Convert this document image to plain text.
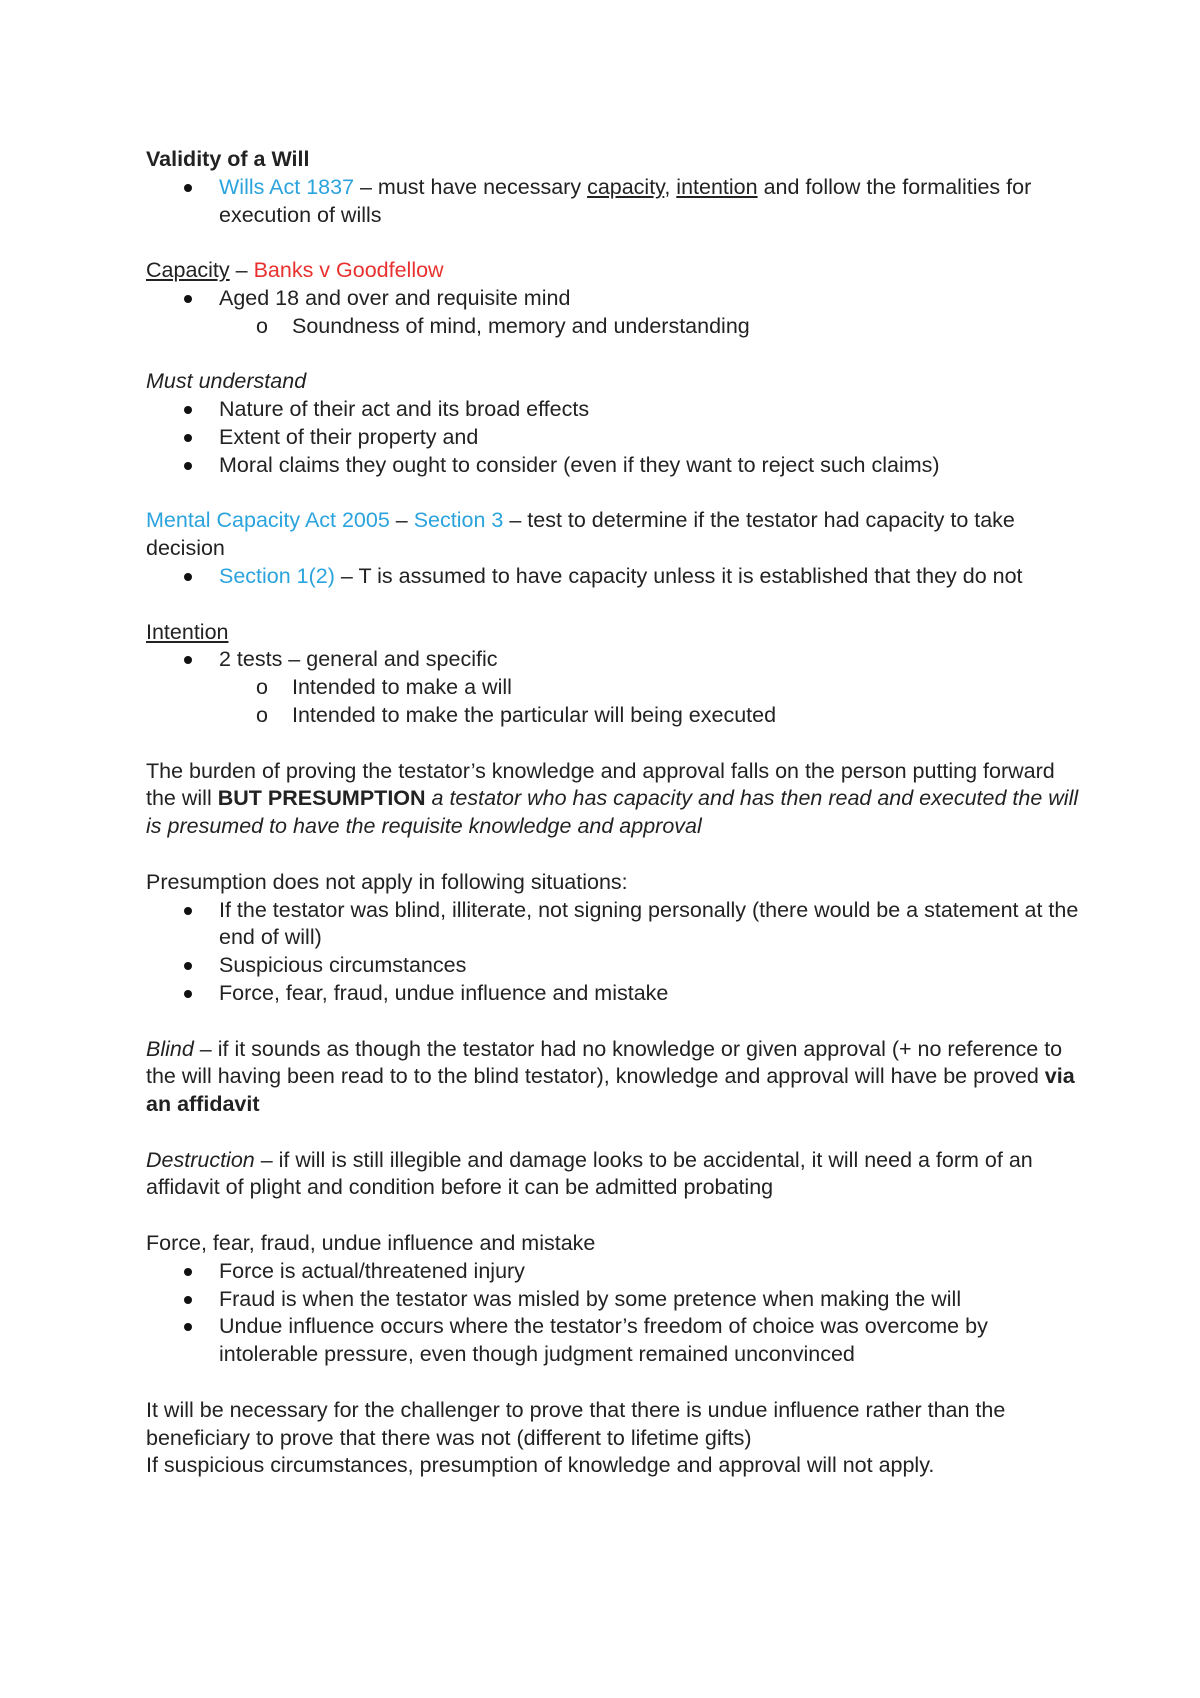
Validity of a Will

Wills Act 1837 – must have necessary capacity, intention and follow the formalities for execution of wills

Capacity – Banks v Goodfellow

Aged 18 and over and requisite mind
o Soundness of mind, memory and understanding

Must understand

Nature of their act and its broad effects
Extent of their property and
Moral claims they ought to consider (even if they want to reject such claims)

Mental Capacity Act 2005 – Section 3 – test to determine if the testator had capacity to take decision

Section 1(2) – T is assumed to have capacity unless it is established that they do not

Intention

2 tests – general and specific
o Intended to make a will
o Intended to make the particular will being executed

The burden of proving the testator’s knowledge and approval falls on the person putting forward the will BUT PRESUMPTION a testator who has capacity and has then read and executed the will is presumed to have the requisite knowledge and approval

Presumption does not apply in following situations:

If the testator was blind, illiterate, not signing personally (there would be a statement at the end of will)
Suspicious circumstances
Force, fear, fraud, undue influence and mistake

Blind – if it sounds as though the testator had no knowledge or given approval (+ no reference to the will having been read to to the blind testator), knowledge and approval will have be proved via an affidavit

Destruction – if will is still illegible and damage looks to be accidental, it will need a form of an affidavit of plight and condition before it can be admitted probating

Force, fear, fraud, undue influence and mistake

Force is actual/threatened injury
Fraud is when the testator was misled by some pretence when making the will
Undue influence occurs where the testator’s freedom of choice was overcome by intolerable pressure, even though judgment remained unconvinced

It will be necessary for the challenger to prove that there is undue influence rather than the beneficiary to prove that there was not (different to lifetime gifts)

If suspicious circumstances, presumption of knowledge and approval will not apply.
